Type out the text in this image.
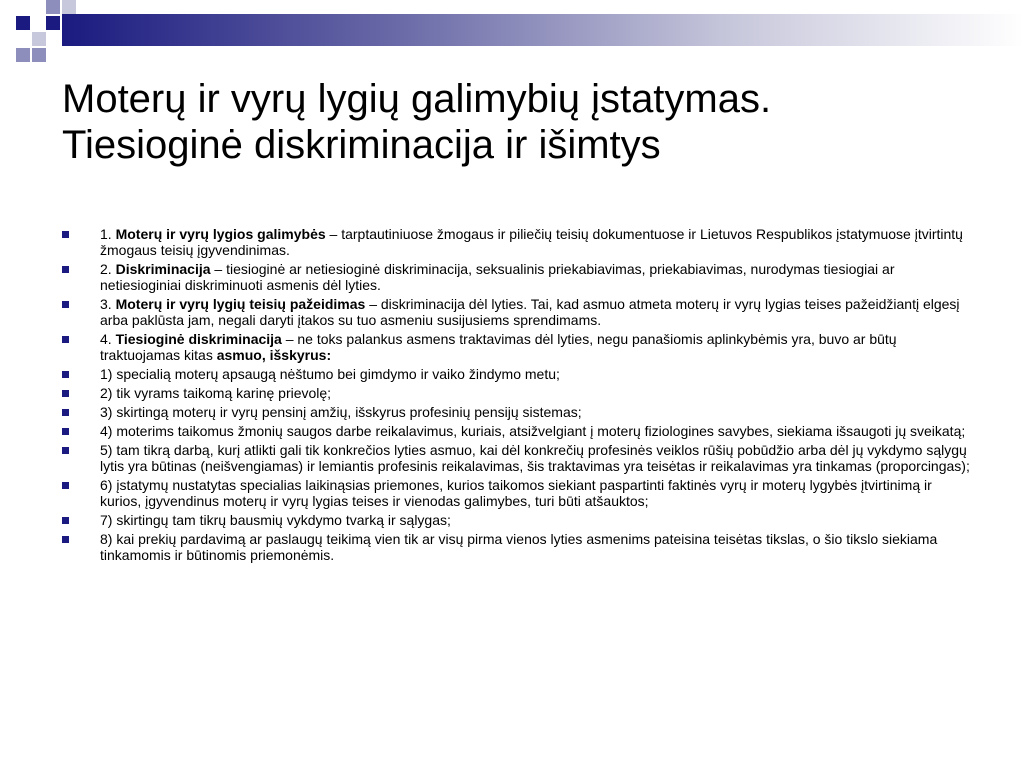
Moterų ir vyrų lygių galimybių įstatymas.
Tiesioginė diskriminacija ir išimtys
1. Moterų ir vyrų lygios galimybės – tarptautiniuose žmogaus ir piliečių teisių dokumentuose ir Lietuvos Respublikos įstatymuose įtvirtintų žmogaus teisių įgyvendinimas.
2. Diskriminacija – tiesioginė ar netiesioginė diskriminacija, seksualinis priekabiavimas, priekabiavimas, nurodymas tiesiogiai ar netiesioginiai diskriminuoti asmenis dėl lyties.
3. Moterų ir vyrų lygių teisių pažeidimas – diskriminacija dėl lyties. Tai, kad asmuo atmeta moterų ir vyrų lygias teises pažeidžiantį elgesį arba paklūsta jam, negali daryti įtakos su tuo asmeniu susijusiems sprendimams.
4. Tiesioginė diskriminacija – ne toks palankus asmens traktavimas dėl lyties, negu panašiomis aplinkybėmis yra, buvo ar būtų traktuojamas kitas asmuo, išskyrus:
1) specialią moterų apsaugą nėštumo bei gimdymo ir vaiko žindymo metu;
2) tik vyrams taikomą karinę prievolę;
3) skirtingą moterų ir vyrų pensinį amžių, išskyrus profesinių pensijų sistemas;
4) moterims taikomus žmonių saugos darbe reikalavimus, kuriais, atsižvelgiant į moterų fiziologines savybes, siekiama išsaugoti jų sveikatą;
5) tam tikrą darbą, kurį atlikti gali tik konkrečios lyties asmuo, kai dėl konkrečių profesinės veiklos rūšių pobūdžio arba dėl jų vykdymo sąlygų lytis yra būtinas (neišvengiamas) ir lemiantis profesinis reikalavimas, šis traktavimas yra teisėtas ir reikalavimas yra tinkamas (proporcingas);
6) įstatymų nustatytas specialias laikinąsias priemones, kurios taikomos siekiant paspartinti faktinės vyrų ir moterų lygybės įtvirtinimą ir kurios, įgyvendinus moterų ir vyrų lygias teises ir vienodas galimybes, turi būti atšauktos;
7) skirtingų tam tikrų bausmių vykdymo tvarką ir sąlygas;
8) kai prekių pardavimą ar paslaugų teikimą vien tik ar visų pirma vienos lyties asmenims pateisina teisėtas tikslas, o šio tikslo siekiama tinkamomis ir būtinomis priemonėmis.
